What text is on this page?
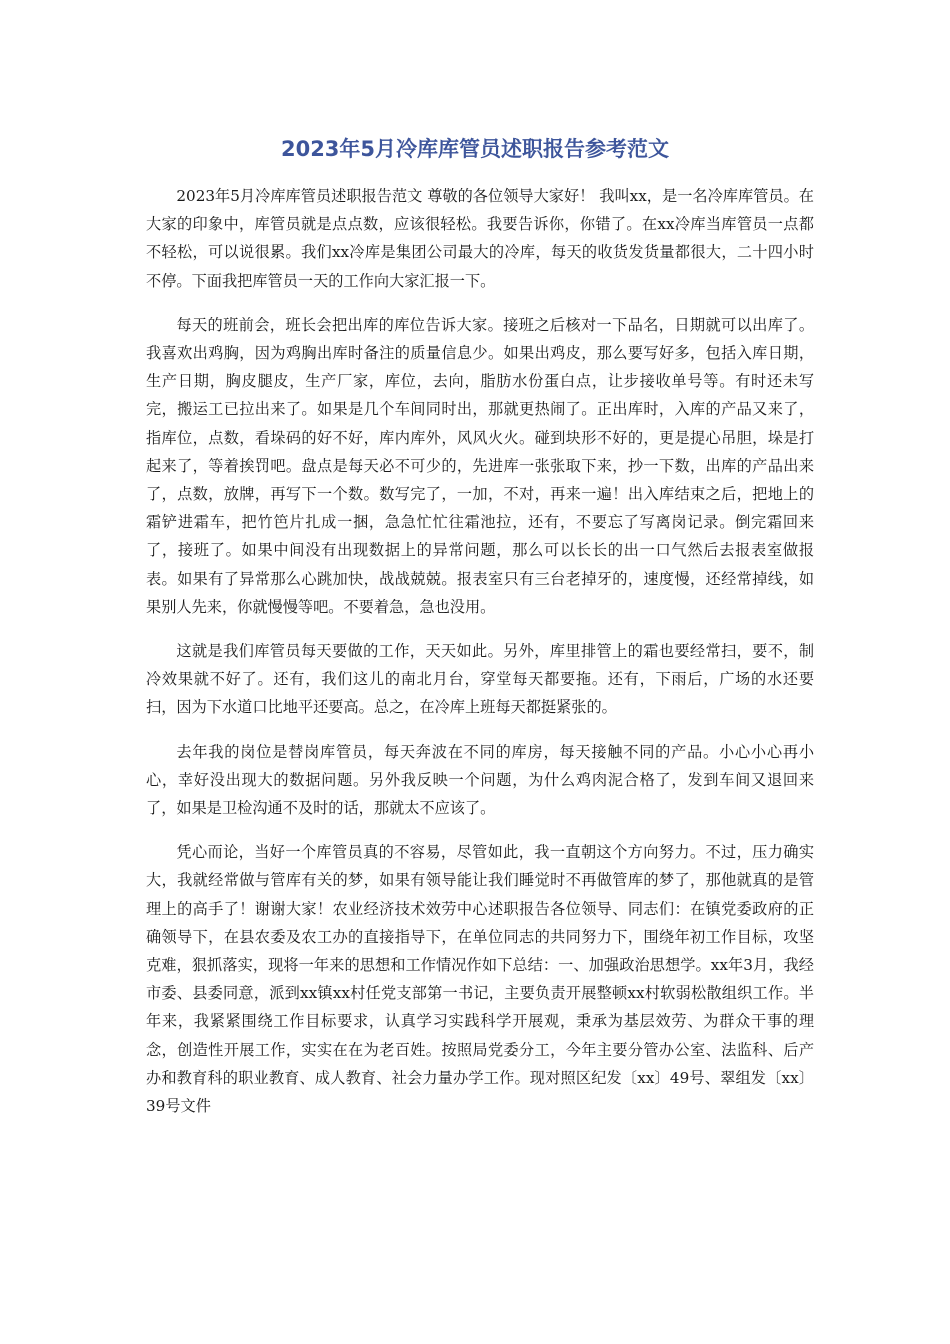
2023年5月冷库库管员述职报告参考范文

2023年5月冷库库管员述职报告范文 尊敬的各位领导大家好！ 我叫xx，是一名冷库库管员。在大家的印象中，库管员就是点点数，应该很轻松。我要告诉你，你错了。在xx冷库当库管员一点都不轻松，可以说很累。我们xx冷库是集团公司最大的冷库，每天的收货发货量都很大，二十四小时不停。下面我把库管员一天的工作向大家汇报一下。

每天的班前会，班长会把出库的库位告诉大家。接班之后核对一下品名，日期就可以出库了。我喜欢出鸡胸，因为鸡胸出库时备注的质量信息少。如果出鸡皮，那么要写好多，包括入库日期，生产日期，胸皮腿皮，生产厂家，库位，去向，脂肪水份蛋白点，让步接收单号等。有时还未写完，搬运工已拉出来了。如果是几个车间同时出，那就更热闹了。正出库时，入库的产品又来了，指库位，点数，看垛码的好不好，库内库外，风风火火。碰到块形不好的，更是提心吊胆，垛是打起来了，等着挨罚吧。盘点是每天必不可少的，先进库一张张取下来，抄一下数，出库的产品出来了，点数，放牌，再写下一个数。数写完了，一加，不对，再来一遍！出入库结束之后，把地上的霜铲进霜车，把竹笆片扎成一捆，急急忙忙往霜池拉，还有，不要忘了写离岗记录。倒完霜回来了，接班了。如果中间没有出现数据上的异常问题，那么可以长长的出一口气然后去报表室做报表。如果有了异常那么心跳加快，战战兢兢。报表室只有三台老掉牙的，速度慢，还经常掉线，如果别人先来，你就慢慢等吧。不要着急，急也没用。

这就是我们库管员每天要做的工作，天天如此。另外，库里排管上的霜也要经常扫，要不，制冷效果就不好了。还有，我们这儿的南北月台，穿堂每天都要拖。还有，下雨后，广场的水还要扫，因为下水道口比地平还要高。总之，在冷库上班每天都挺紧张的。

去年我的岗位是替岗库管员，每天奔波在不同的库房，每天接触不同的产品。小心小心再小心，幸好没出现大的数据问题。另外我反映一个问题，为什么鸡肉泥合格了，发到车间又退回来了，如果是卫检沟通不及时的话，那就太不应该了。

凭心而论，当好一个库管员真的不容易，尽管如此，我一直朝这个方向努力。不过，压力确实大，我就经常做与管库有关的梦，如果有领导能让我们睡觉时不再做管库的梦了，那他就真的是管理上的高手了！谢谢大家！农业经济技术效劳中心述职报告各位领导、同志们：在镇党委政府的正确领导下，在县农委及农工办的直接指导下，在单位同志的共同努力下，围绕年初工作目标，攻坚克难，狠抓落实，现将一年来的思想和工作情况作如下总结：一、加强政治思想学。xx年3月，我经市委、县委同意，派到xx镇xx村任党支部第一书记，主要负责开展整顿xx村软弱松散组织工作。半年来，我紧紧围绕工作目标要求，认真学习实践科学开展观，秉承为基层效劳、为群众干事的理念，创造性开展工作，实实在在为老百姓。按照局党委分工，今年主要分管办公室、法监科、后产办和教育科的职业教育、成人教育、社会力量办学工作。现对照区纪发〔xx〕49号、翠组发〔xx〕39号文件
